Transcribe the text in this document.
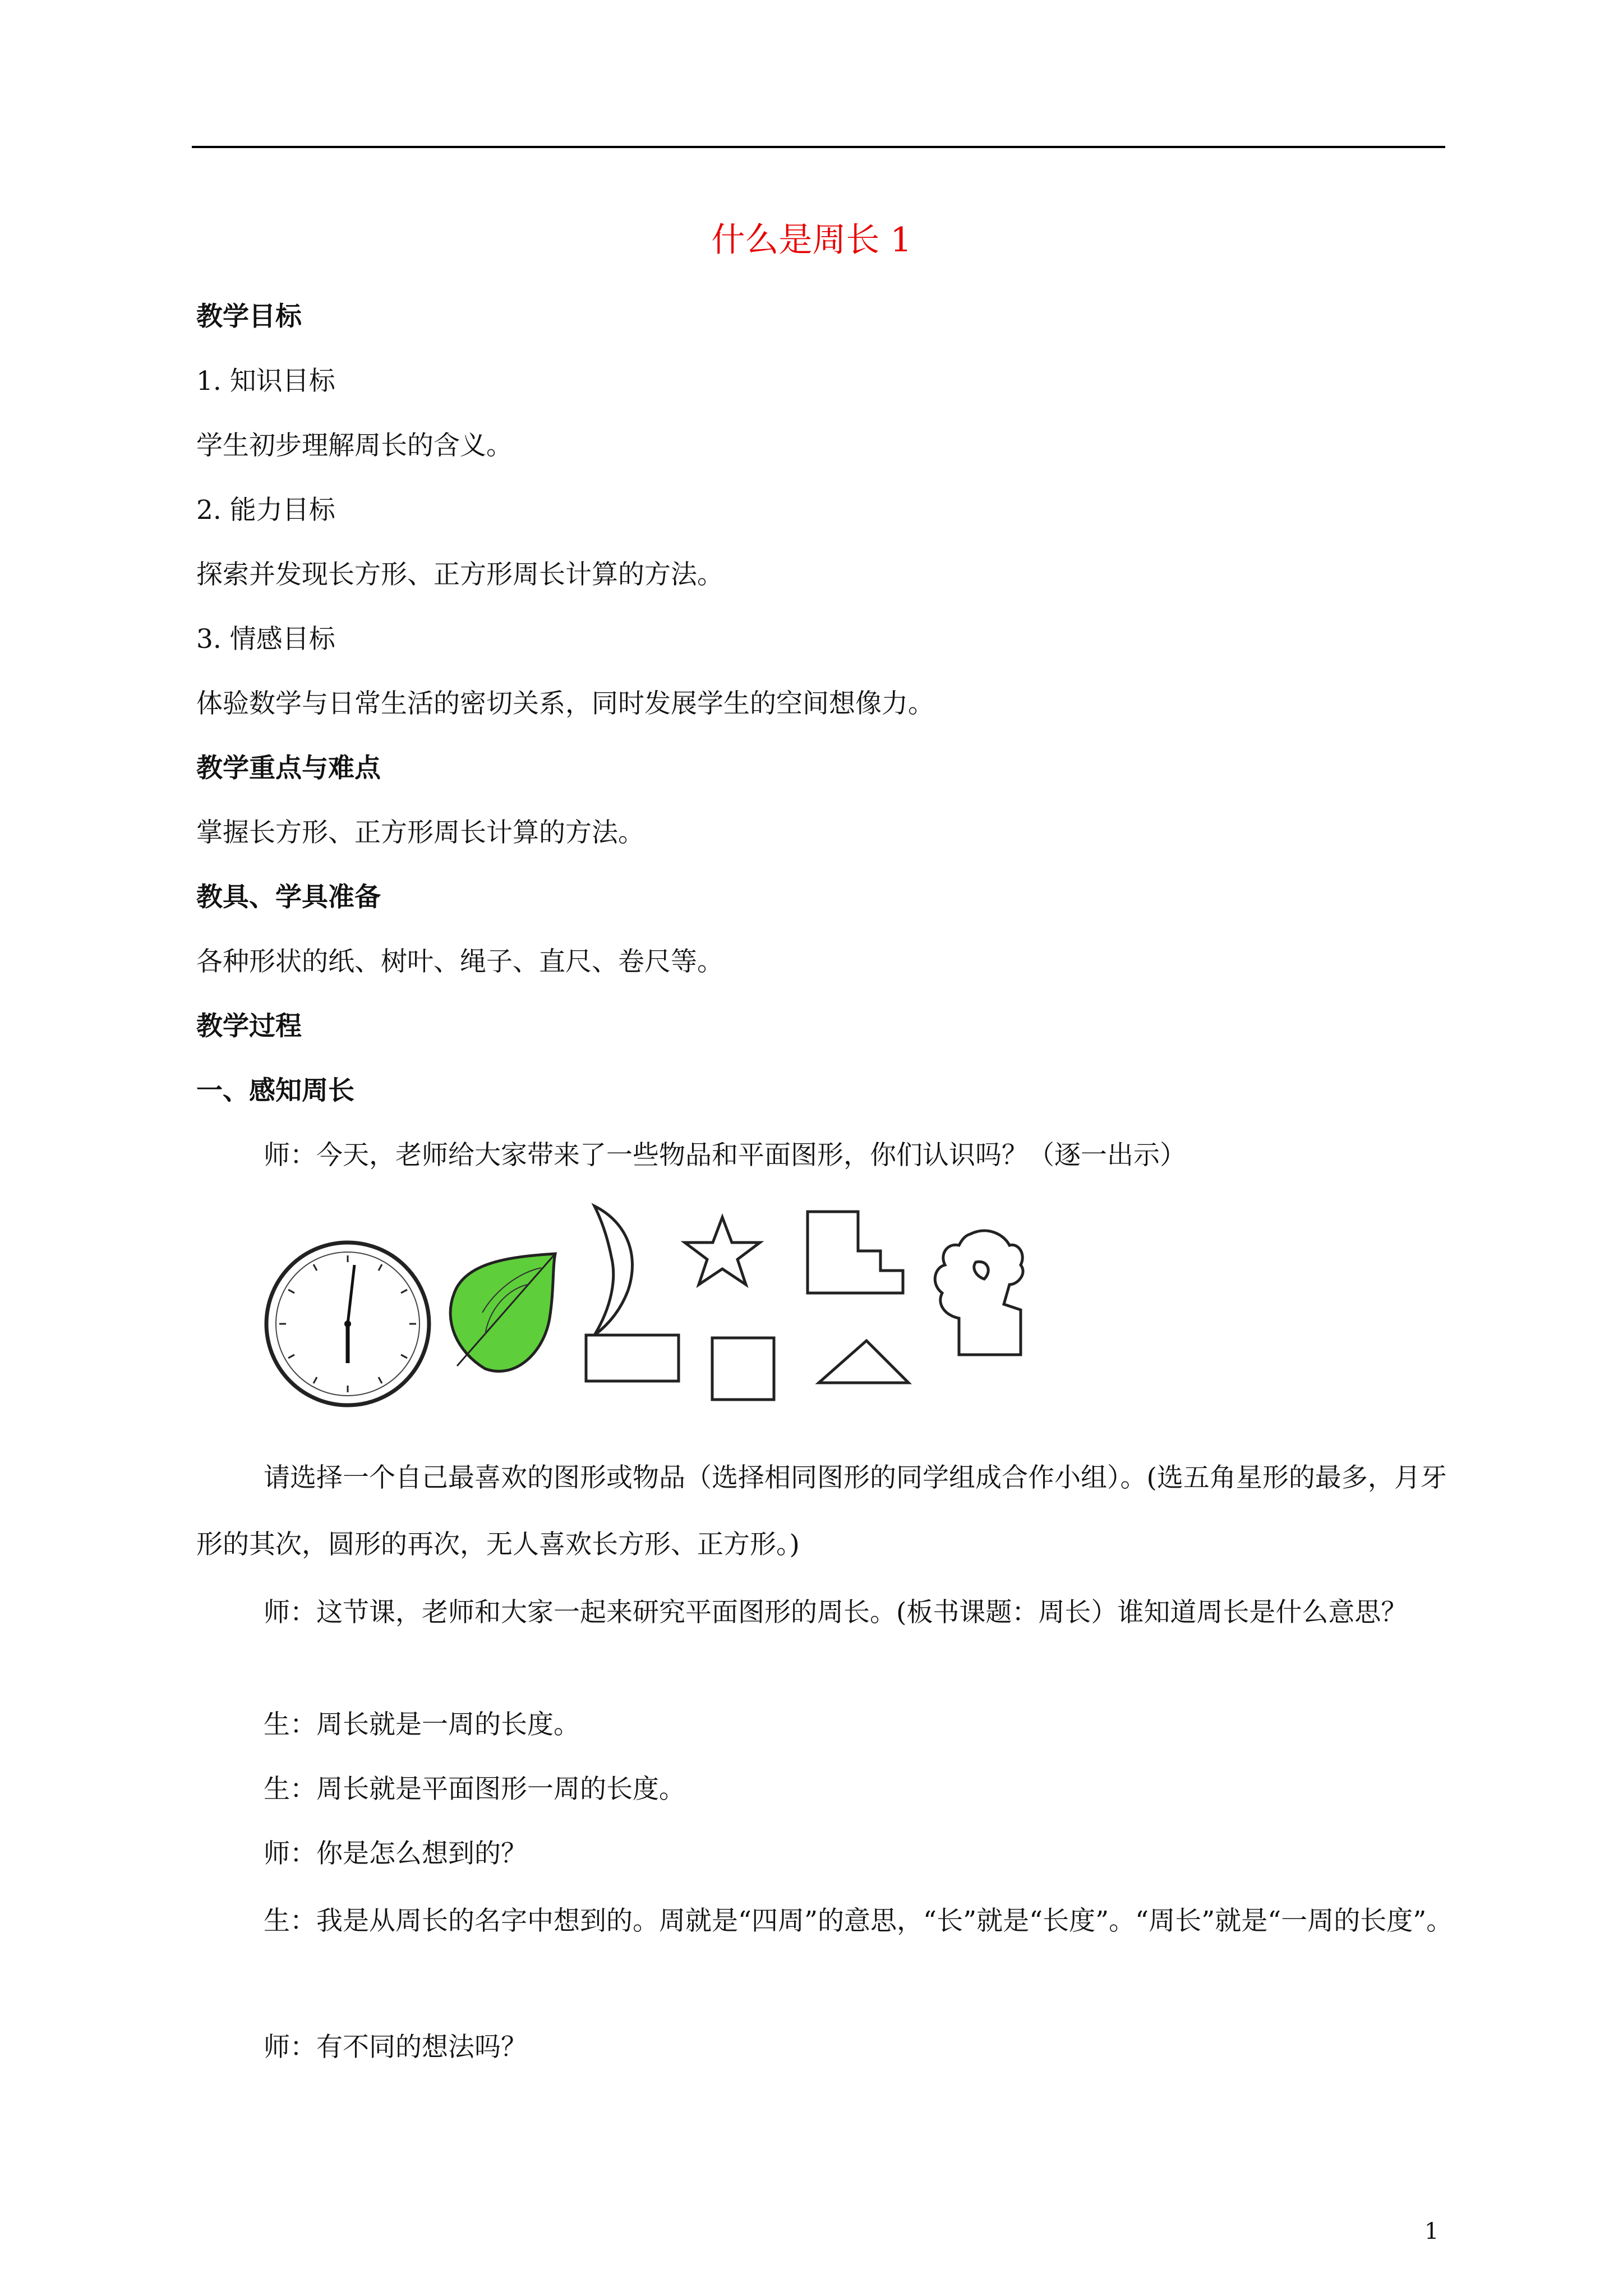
什么是周长 1
教学目标
1. 知识目标
学生初步理解周长的含义。
2. 能力目标
探索并发现长方形、正方形周长计算的方法。
3. 情感目标
体验数学与日常生活的密切关系，同时发展学生的空间想像力。
教学重点与难点
掌握长方形、正方形周长计算的方法。
教具、学具准备
各种形状的纸、树叶、绳子、直尺、卷尺等。
教学过程
一、感知周长
师：今天，老师给大家带来了一些物品和平面图形，你们认识吗？（逐一出示）
请选择一个自己最喜欢的图形或物品（选择相同图形的同学组成合作小组）。(选五角星形的最多，月牙形的其次，圆形的再次，无人喜欢长方形、正方形。)
师：这节课，老师和大家一起来研究平面图形的周长。(板书课题：周长）谁知道周长是什么意思？
生：周长就是一周的长度。
生：周长就是平面图形一周的长度。
师：你是怎么想到的？
生：我是从周长的名字中想到的。周就是“四周”的意思，“长”就是“长度”。“周长”就是“一周的长度”。
师：有不同的想法吗？
1
